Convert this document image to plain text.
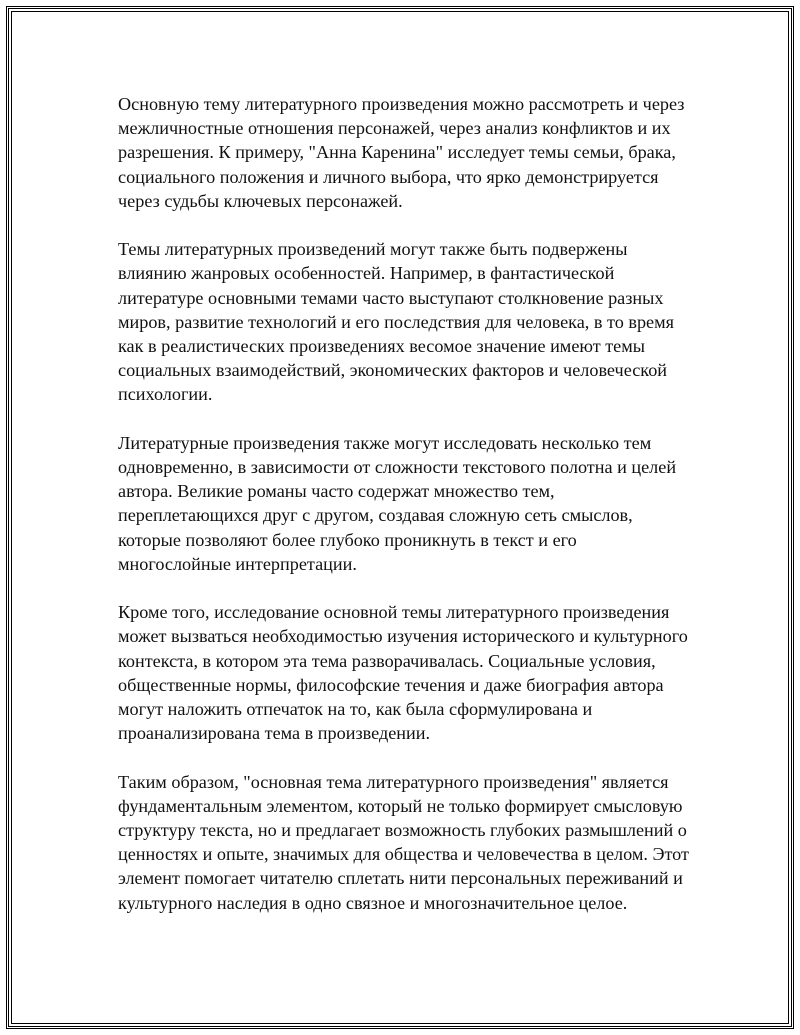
Основную тему литературного произведения можно рассмотреть и через межличностные отношения персонажей, через анализ конфликтов и их разрешения. К примеру, "Анна Каренина" исследует темы семьи, брака, социального положения и личного выбора, что ярко демонстрируется через судьбы ключевых персонажей.

Темы литературных произведений могут также быть подвержены влиянию жанровых особенностей. Например, в фантастической литературе основными темами часто выступают столкновение разных миров, развитие технологий и его последствия для человека, в то время как в реалистических произведениях весомое значение имеют темы социальных взаимодействий, экономических факторов и человеческой психологии.

Литературные произведения также могут исследовать несколько тем одновременно, в зависимости от сложности текстового полотна и целей автора. Великие романы часто содержат множество тем, переплетающихся друг с другом, создавая сложную сеть смыслов, которые позволяют более глубоко проникнуть в текст и его многослойные интерпретации.

Кроме того, исследование основной темы литературного произведения может вызваться необходимостью изучения исторического и культурного контекста, в котором эта тема разворачивалась. Социальные условия, общественные нормы, философские течения и даже биография автора могут наложить отпечаток на то, как была сформулирована и проанализирована тема в произведении.

Таким образом, "основная тема литературного произведения" является фундаментальным элементом, который не только формирует смысловую структуру текста, но и предлагает возможность глубоких размышлений о ценностях и опыте, значимых для общества и человечества в целом. Этот элемент помогает читателю сплетать нити персональных переживаний и культурного наследия в одно связное и многозначительное целое.
